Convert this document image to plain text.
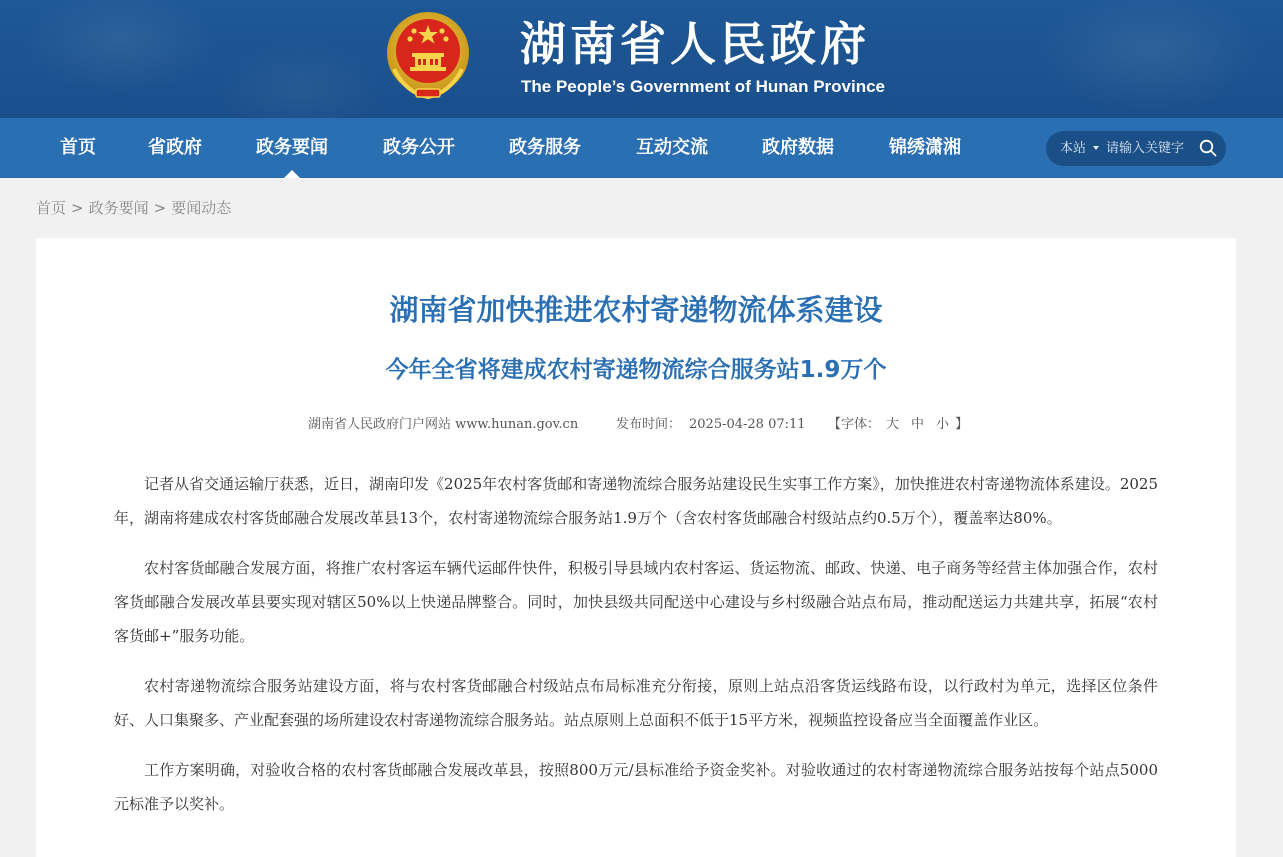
湖南省人民政府
The People’s Government of Hunan Province
首页	省政府	政务要闻	政务公开	政务服务	互动交流	政府数据	锦绣潇湘	本站
请输入关键字
首页 > 政务要闻 > 要闻动态
湖南省加快推进农村寄递物流体系建设
今年全省将建成农村寄递物流综合服务站1.9万个
湖南省人民政府门户网站 www.hunan.gov.cn	发布时间： 2025-04-28 07:11 【字体： 大 中 小 】

记者从省交通运输厅获悉，近日，湖南印发《2025年农村客货邮和寄递物流综合服务站建设民生实事工作方案》，加快推进农村寄递物流体系建设。2025年，湖南将建成农村客货邮融合发展改革县13个，农村寄递物流综合服务站1.9万个（含农村客货邮融合村级站点约0.5万个），覆盖率达80%。

农村客货邮融合发展方面，将推广农村客运车辆代运邮件快件，积极引导县域内农村客运、货运物流、邮政、快递、电子商务等经营主体加强合作，农村客货邮融合发展改革县要实现对辖区50%以上快递品牌整合。同时，加快县级共同配送中心建设与乡村级融合站点布局，推动配送运力共建共享，拓展“农村客货邮+”服务功能。

农村寄递物流综合服务站建设方面，将与农村客货邮融合村级站点布局标准充分衔接，原则上站点沿客货运线路布设，以行政村为单元，选择区位条件好、人口集聚多、产业配套强的场所建设农村寄递物流综合服务站。站点原则上总面积不低于15平方米，视频监控设备应当全面覆盖作业区。

工作方案明确，对验收合格的农村客货邮融合发展改革县，按照800万元/县标准给予资金奖补。对验收通过的农村寄递物流综合服务站按每个站点5000元标准予以奖补。
